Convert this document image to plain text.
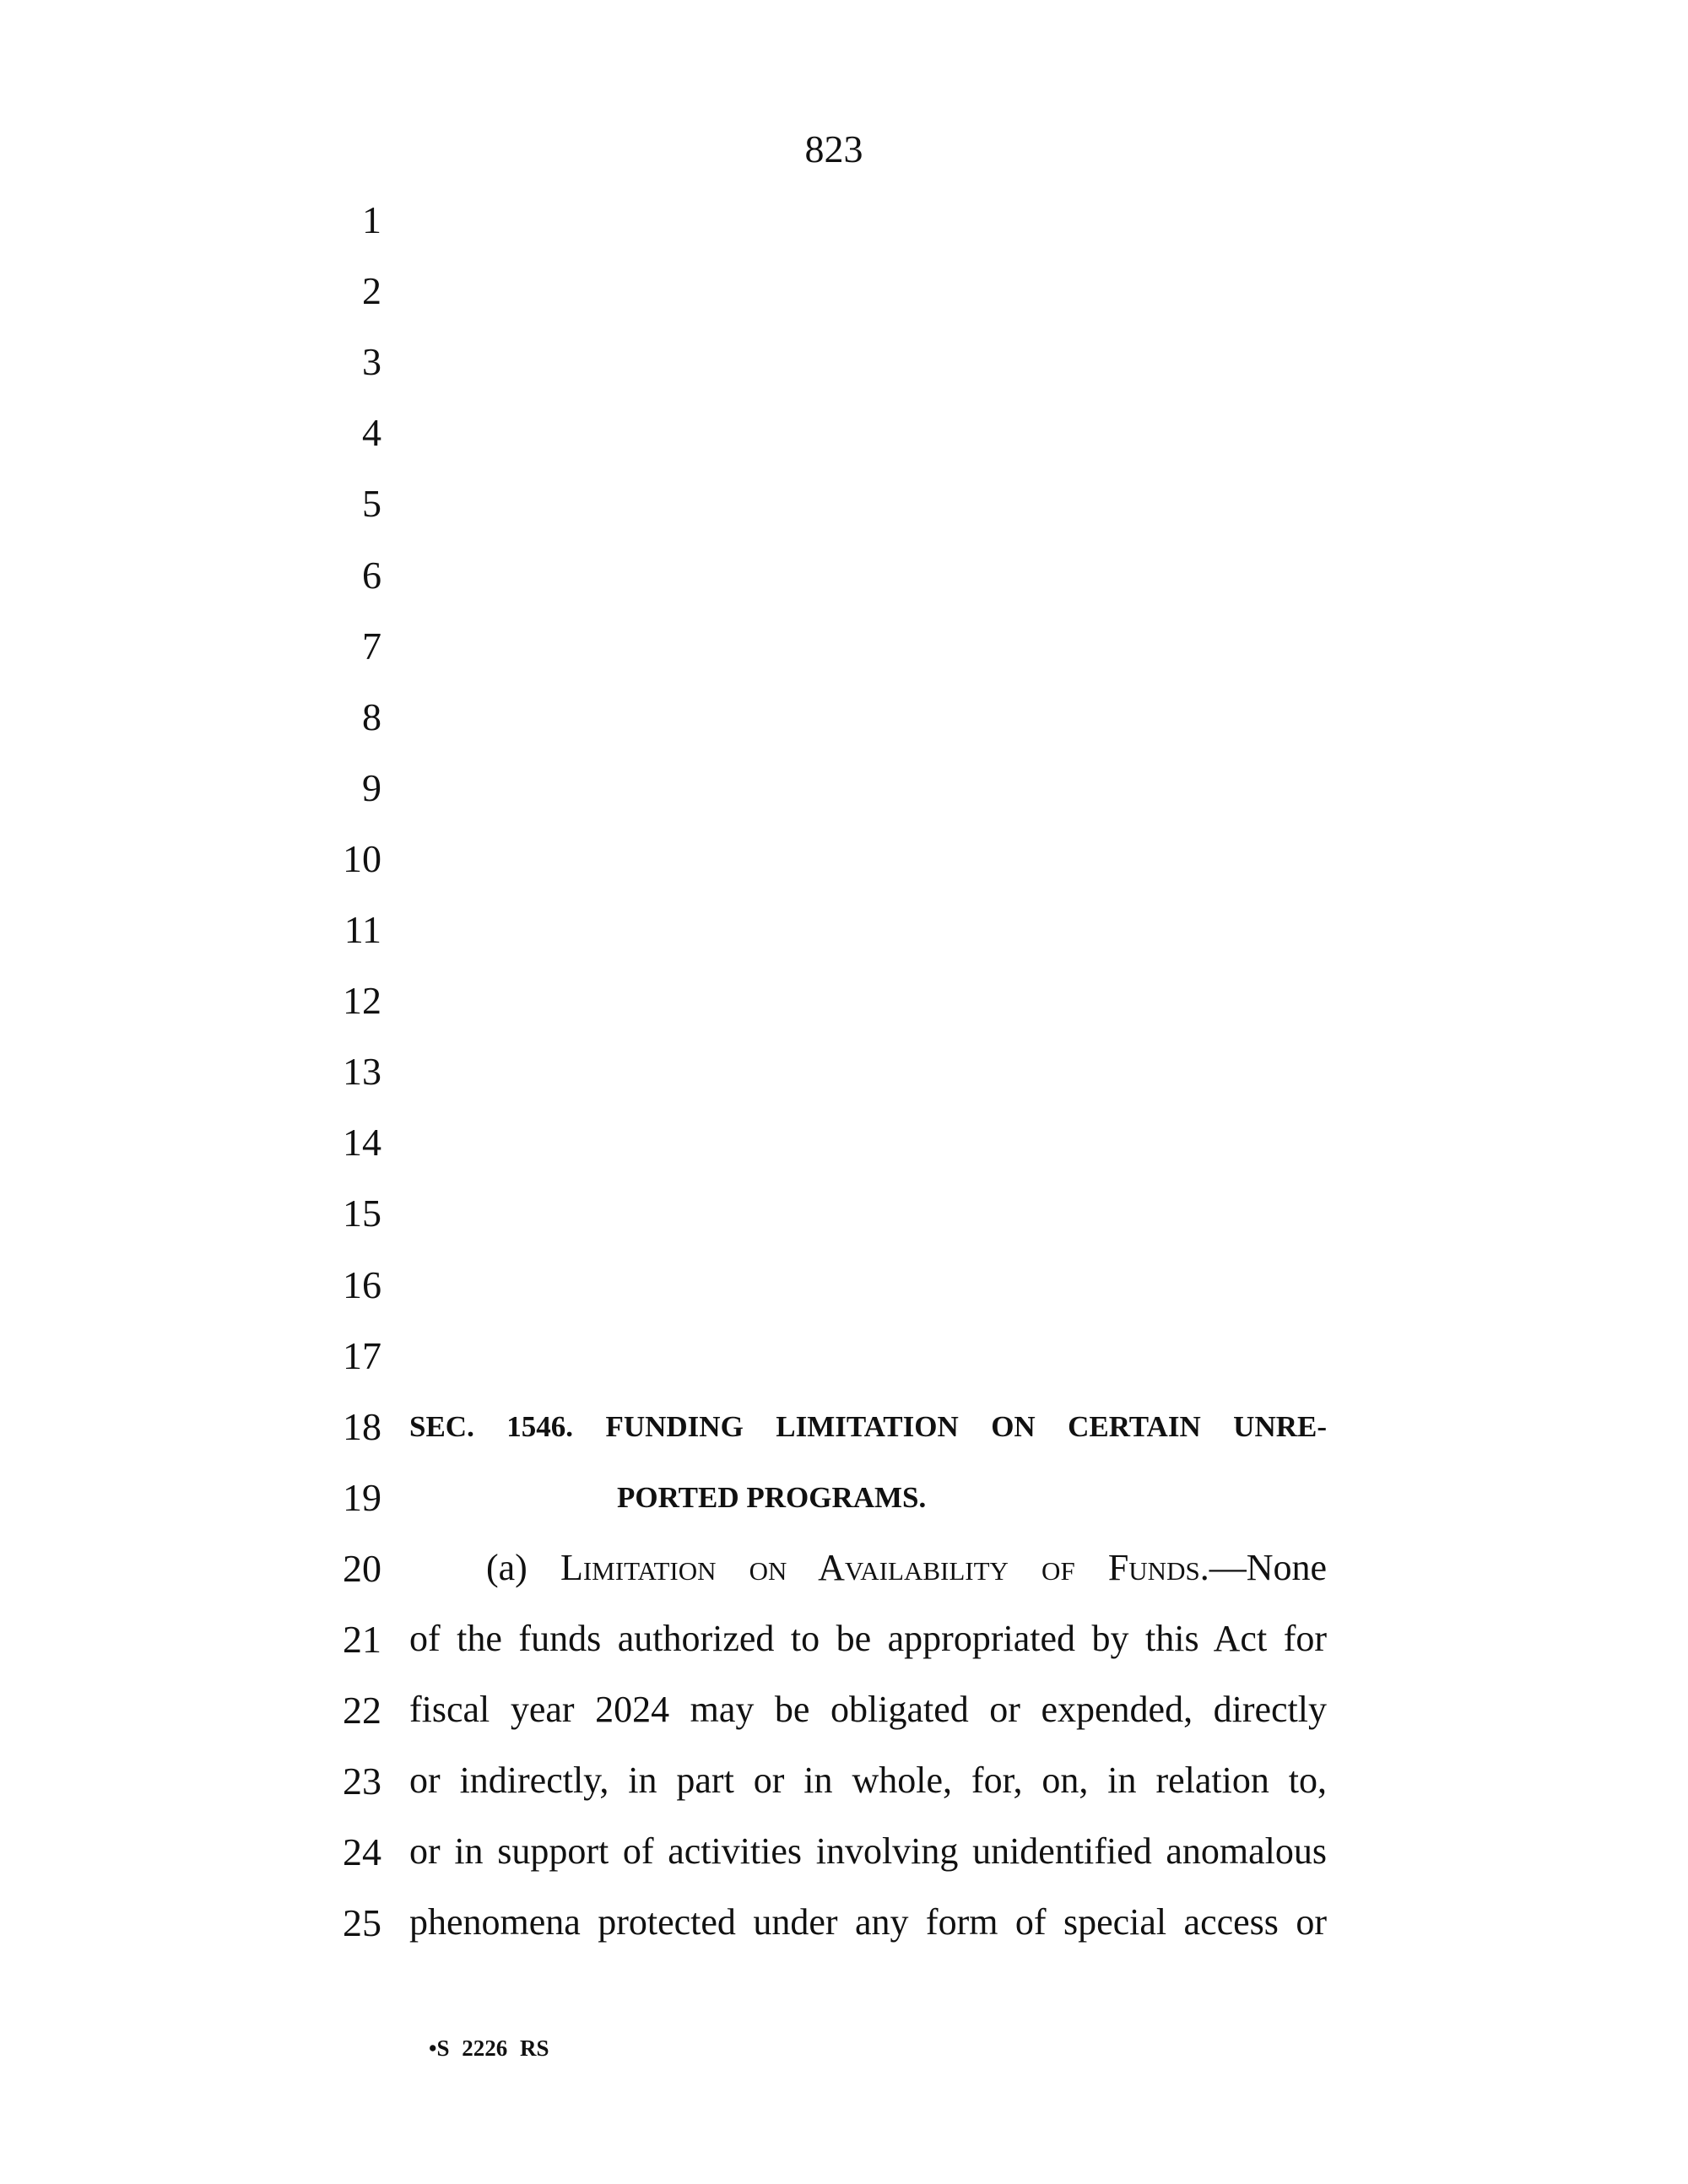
823
1
2
3
4
5
6
7
8
9
10
11
12
13
14
15
16
17
18
19
20
21
22
23
24
25
SEC. 1546. FUNDING LIMITATION ON CERTAIN UNRE-
PORTED PROGRAMS.
(a) Limitation on Availability of Funds.—None
of the funds authorized to be appropriated by this Act for
fiscal year 2024 may be obligated or expended, directly
or indirectly, in part or in whole, for, on, in relation to,
or in support of activities involving unidentified anomalous
phenomena protected under any form of special access or
•S 2226 RS
